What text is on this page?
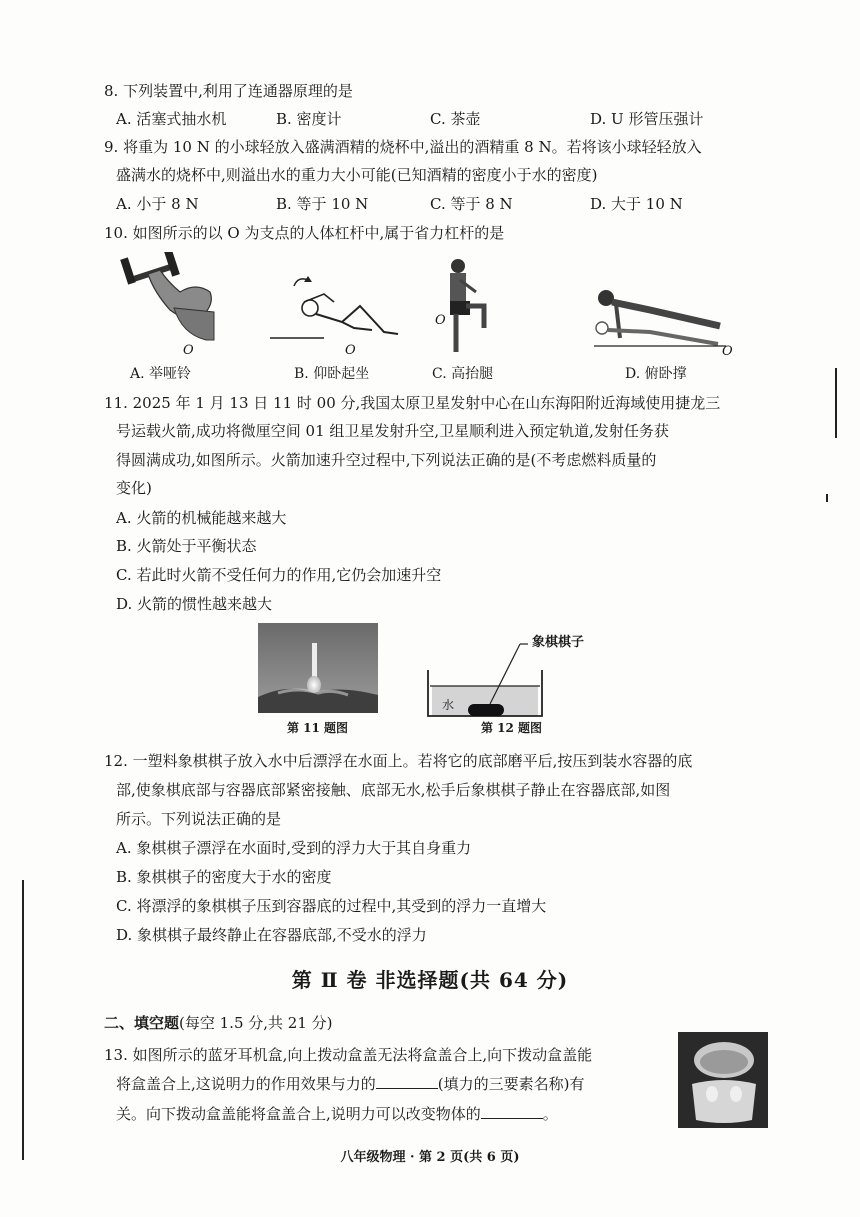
8. 下列装置中,利用了连通器原理的是
A. 活塞式抽水机	B. 密度计	C. 茶壶	D. U 形管压强计
9. 将重为 10 N 的小球轻放入盛满酒精的烧杯中,溢出的酒精重 8 N。若将该小球轻轻放入
盛满水的烧杯中,则溢出水的重力大小可能(已知酒精的密度小于水的密度)
A. 小于 8 N	B. 等于 10 N	C. 等于 8 N	D. 大于 10 N
10. 如图所示的以 O 为支点的人体杠杆中,属于省力杠杆的是
O	O
O
O
A. 举哑铃	B. 仰卧起坐	C. 高抬腿	D. 俯卧撑
11. 2025 年 1 月 13 日 11 时 00 分,我国太原卫星发射中心在山东海阳附近海域使用捷龙三
号运载火箭,成功将微厘空间 01 组卫星发射升空,卫星顺利进入预定轨道,发射任务获
得圆满成功,如图所示。火箭加速升空过程中,下列说法正确的是(不考虑燃料质量的
变化)
A. 火箭的机械能越来越大
B. 火箭处于平衡状态
C. 若此时火箭不受任何力的作用,它仍会加速升空
D. 火箭的惯性越来越大
第 11 题图
象棋棋子
水
第 12 题图
12. 一塑料象棋棋子放入水中后漂浮在水面上。若将它的底部磨平后,按压到装水容器的底
部,使象棋底部与容器底部紧密接触、底部无水,松手后象棋棋子静止在容器底部,如图
所示。下列说法正确的是
A. 象棋棋子漂浮在水面时,受到的浮力大于其自身重力
B. 象棋棋子的密度大于水的密度
C. 将漂浮的象棋棋子压到容器底的过程中,其受到的浮力一直增大
D. 象棋棋子最终静止在容器底部,不受水的浮力
第 Ⅱ 卷 非选择题(共 64 分)
二、填空题(每空 1.5 分,共 21 分)
13. 如图所示的蓝牙耳机盒,向上拨动盒盖无法将盒盖合上,向下拨动盒盖能
将盒盖合上,这说明力的作用效果与力的	(填力的三要素名称)有
关。向下拨动盒盖能将盒盖合上,说明力可以改变物体的	。
八年级物理 · 第 2 页(共 6 页)
